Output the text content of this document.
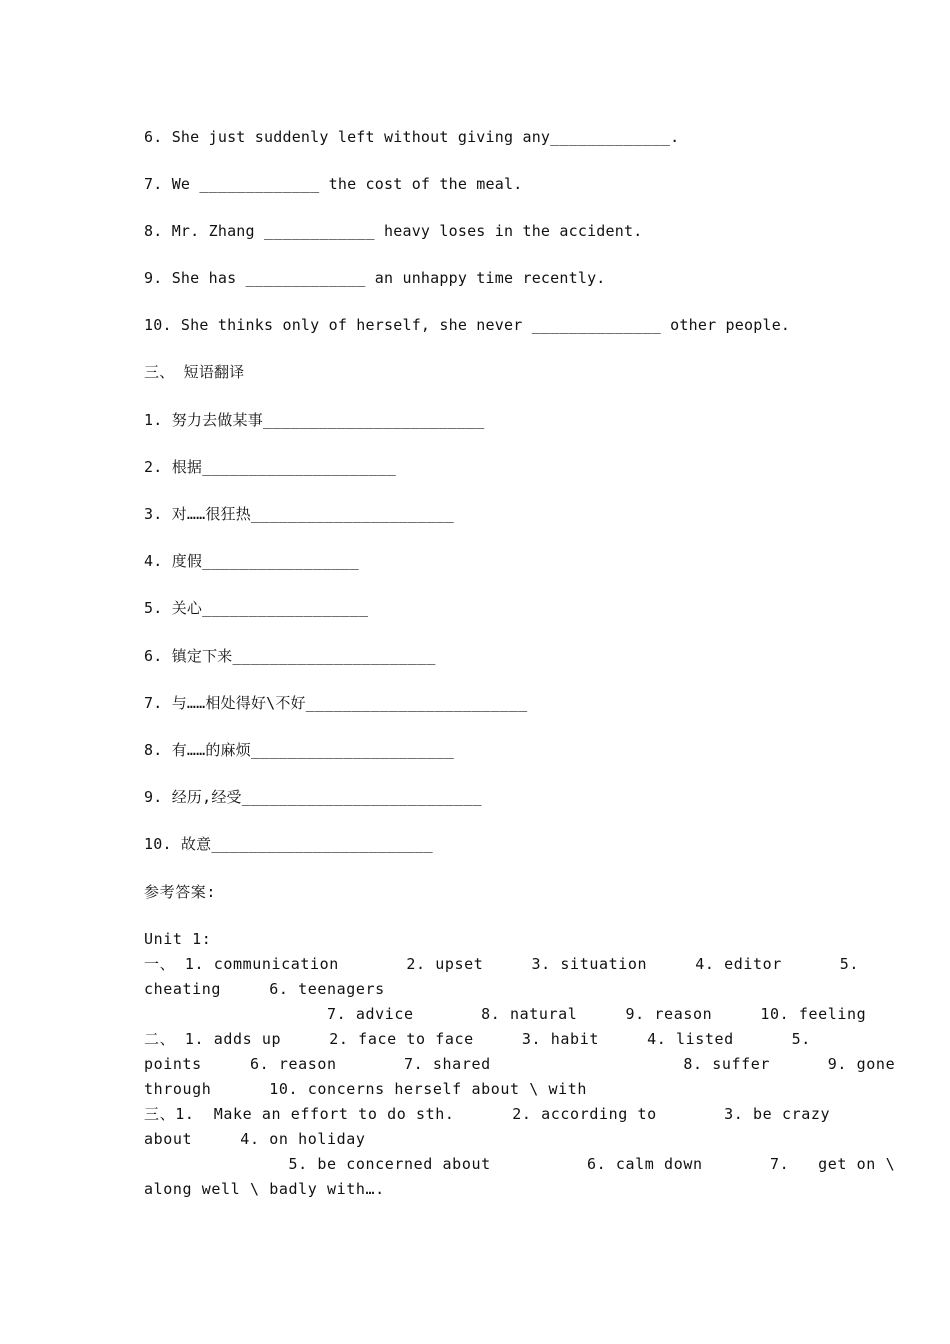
6. She just suddenly left without giving any_____________.
7. We _____________ the cost of the meal.
8. Mr. Zhang ____________ heavy loses in the accident.
9. She has _____________ an unhappy time recently.
10. She thinks only of herself, she never ______________ other people.
三、 短语翻译
1. 努力去做某事________________________
2. 根据_____________________
3. 对……很狂热______________________
4. 度假_________________
5. 关心__________________
6. 镇定下来______________________
7. 与……相处得好\不好________________________
8. 有……的麻烦______________________
9. 经历,经受__________________________
10. 故意________________________
参考答案:
Unit 1:
一、 1. communication       2. upset     3. situation     4. editor      5.
cheating     6. teenagers
7. advice       8. natural     9. reason     10. feeling
二、 1. adds up     2. face to face     3. habit     4. listed      5.
points     6. reason       7. shared                    8. suffer      9. gone
through      10. concerns herself about \ with
三、1.  Make an effort to do sth.      2. according to       3. be crazy
about     4. on holiday
5. be concerned about          6. calm down       7.   get on \
along well \ badly with….
